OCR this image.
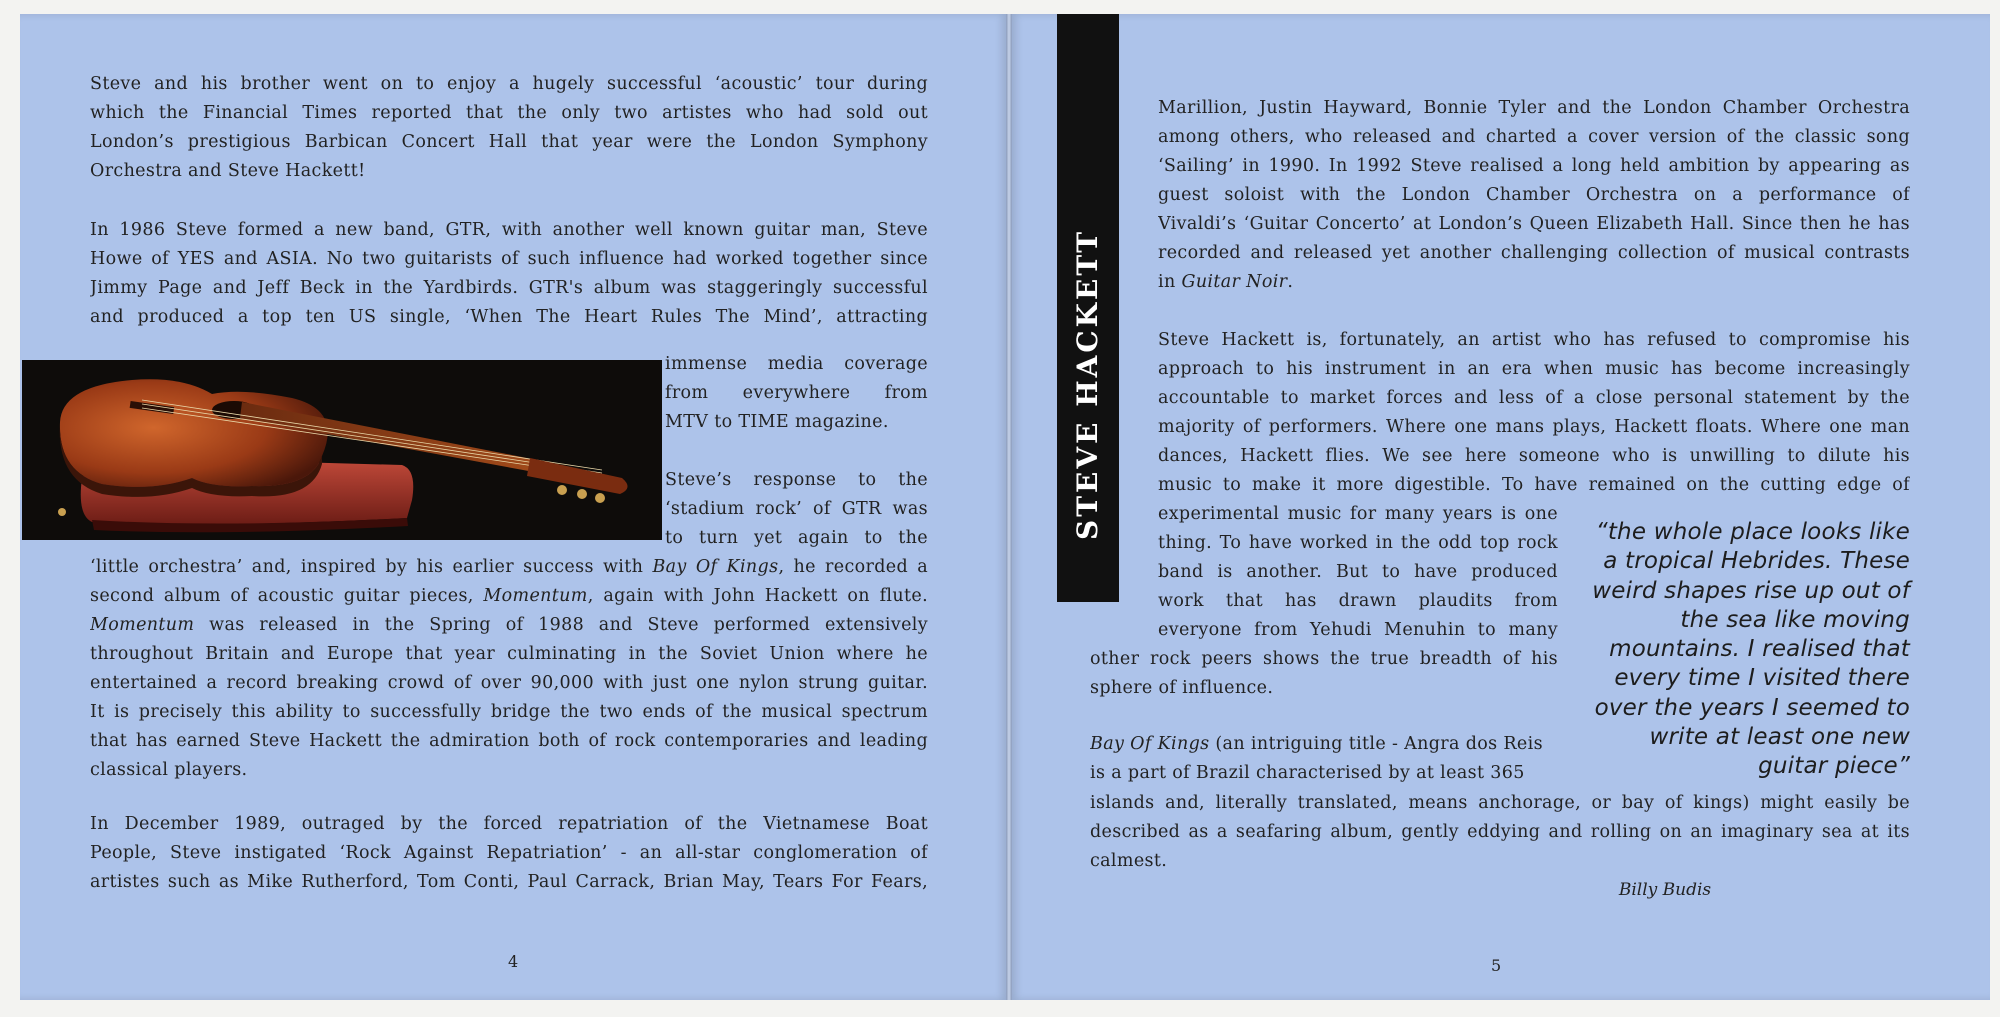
Steve and his brother went on to enjoy a hugely successful ‘acoustic’ tour during
which the Financial Times reported that the only two artistes who had sold out
London’s prestigious Barbican Concert Hall that year were the London Symphony
Orchestra and Steve Hackett!
In 1986 Steve formed a new band, GTR, with another well known guitar man, Steve
Howe of YES and ASIA. No two guitarists of such influence had worked together since
Jimmy Page and Jeff Beck in the Yardbirds. GTR's album was staggeringly successful
and produced a top ten US single, ‘When The Heart Rules The Mind’, attracting
immense media coverage
from everywhere from
MTV to TIME magazine.
Steve’s response to the
‘stadium rock’ of GTR was
to turn yet again to the
‘little orchestra’ and, inspired by his earlier success with Bay Of Kings, he recorded a
second album of acoustic guitar pieces, Momentum, again with John Hackett on flute.
Momentum was released in the Spring of 1988 and Steve performed extensively
throughout Britain and Europe that year culminating in the Soviet Union where he
entertained a record breaking crowd of over 90,000 with just one nylon strung guitar.
It is precisely this ability to successfully bridge the two ends of the musical spectrum
that has earned Steve Hackett the admiration both of rock contemporaries and leading
classical players.
In December 1989, outraged by the forced repatriation of the Vietnamese Boat
People, Steve instigated ‘Rock Against Repatriation’ - an all-star conglomeration of
artistes such as Mike Rutherford, Tom Conti, Paul Carrack, Brian May, Tears For Fears,
4
STEVE HACKETT
Marillion, Justin Hayward, Bonnie Tyler and the London Chamber Orchestra
among others, who released and charted a cover version of the classic song
‘Sailing’ in 1990. In 1992 Steve realised a long held ambition by appearing as
guest soloist with the London Chamber Orchestra on a performance of
Vivaldi’s ‘Guitar Concerto’ at London’s Queen Elizabeth Hall. Since then he has
recorded and released yet another challenging collection of musical contrasts
in Guitar Noir.
Steve Hackett is, fortunately, an artist who has refused to compromise his
approach to his instrument in an era when music has become increasingly
accountable to market forces and less of a close personal statement by the
majority of performers. Where one mans plays, Hackett floats. Where one man
dances, Hackett flies. We see here someone who is unwilling to dilute his
music to make it more digestible. To have remained on the cutting edge of
experimental music for many years is one
thing. To have worked in the odd top rock
band is another. But to have produced
work that has drawn plaudits from
everyone from Yehudi Menuhin to many
other rock peers shows the true breadth of his
sphere of influence.
Bay Of Kings (an intriguing title - Angra dos Reis
is a part of Brazil characterised by at least 365
islands and, literally translated, means anchorage, or bay of kings) might easily be
described as a seafaring album, gently eddying and rolling on an imaginary sea at its
calmest.
“the whole place looks like
a tropical Hebrides. These
weird shapes rise up out of
the sea like moving
mountains. I realised that
every time I visited there
over the years I seemed to
write at least one new
guitar piece”
Billy Budis
5
